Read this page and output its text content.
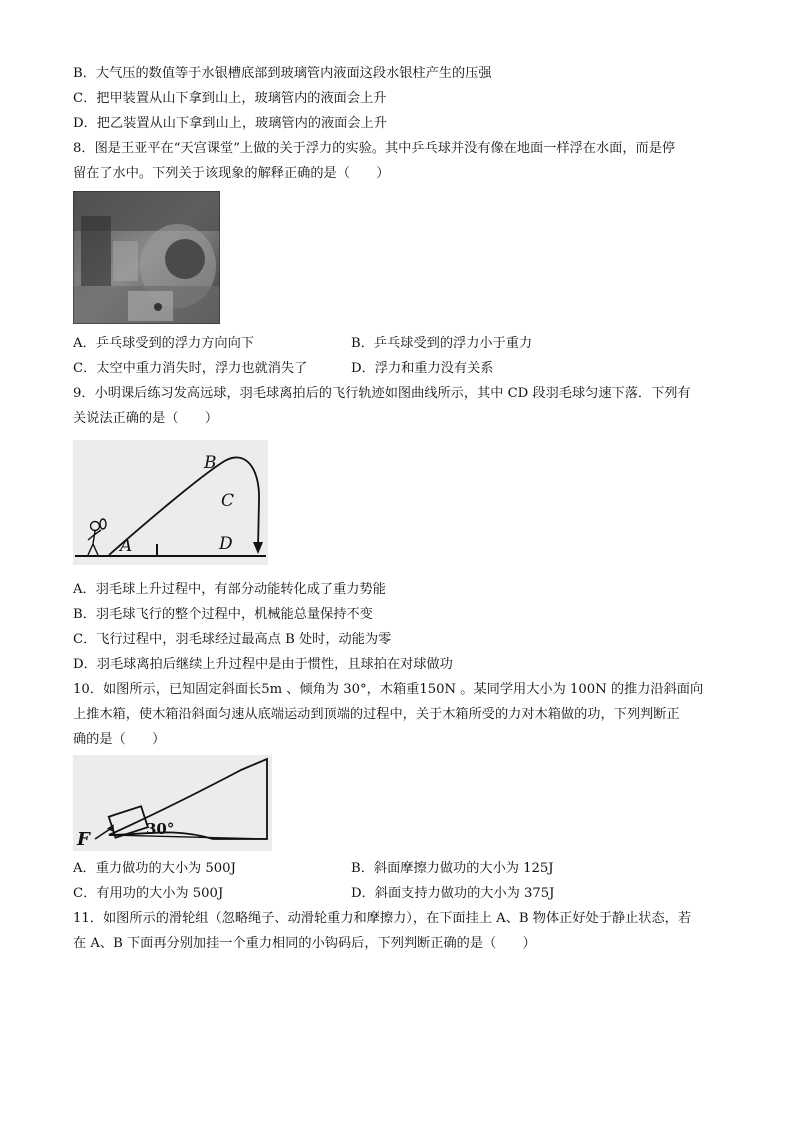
B．大气压的数值等于水银槽底部到玻璃管内液面这段水银柱产生的压强
C．把甲装置从山下拿到山上，玻璃管内的液面会上升
D．把乙装置从山下拿到山上，玻璃管内的液面会上升
8．图是王亚平在“天宫课堂”上做的关于浮力的实验。其中乒乓球并没有像在地面一样浮在水面，而是停
留在了水中。下列关于该现象的解释正确的是（　　）
A．乒乓球受到的浮力方向向下	B．乒乓球受到的浮力小于重力
C．太空中重力消失时，浮力也就消失了	D．浮力和重力没有关系
9．小明课后练习发高远球，羽毛球离拍后的飞行轨迹如图曲线所示，其中 CD 段羽毛球匀速下落．下列有
关说法正确的是（　　）
A
B
C
D
A．羽毛球上升过程中，有部分动能转化成了重力势能
B．羽毛球飞行的整个过程中，机械能总量保持不变
C．飞行过程中，羽毛球经过最高点 B 处时，动能为零
D．羽毛球离拍后继续上升过程中是由于惯性，且球拍在对球做功
10．如图所示，已知固定斜面长5m 、倾角为 30°，木箱重150N 。某同学用大小为 100N 的推力沿斜面向
上推木箱，使木箱沿斜面匀速从底端运动到顶端的过程中，关于木箱所受的力对木箱做的功，下列判断正
确的是（　　）
F	30°
A．重力做功的大小为 500J	B．斜面摩擦力做功的大小为 125J
C．有用功的大小为 500J	D．斜面支持力做功的大小为 375J
11．如图所示的滑轮组（忽略绳子、动滑轮重力和摩擦力），在下面挂上 A、B 物体正好处于静止状态，若
在 A、B 下面再分别加挂一个重力相同的小钩码后，下列判断正确的是（　　）
